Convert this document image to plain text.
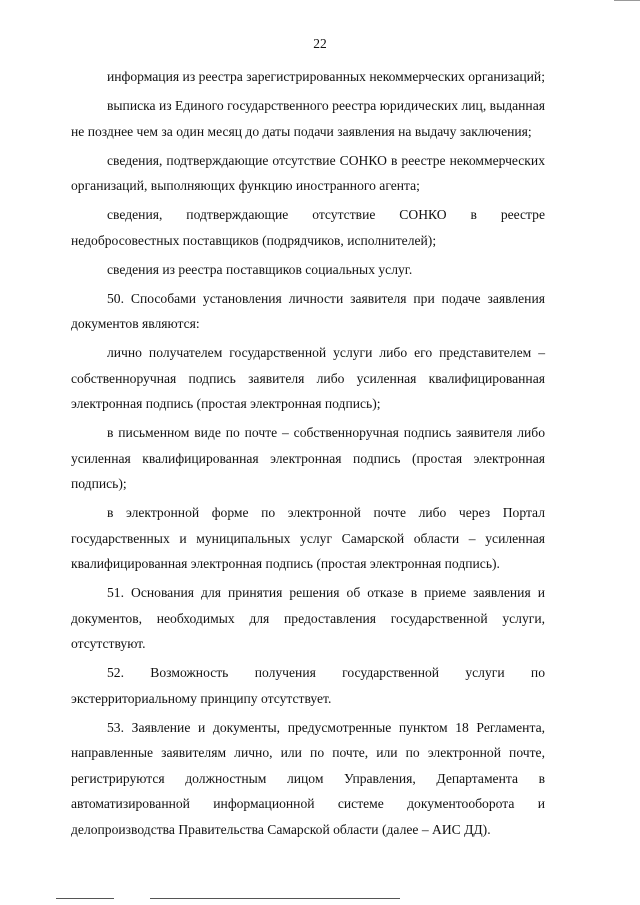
22

информация из реестра зарегистрированных некоммерческих организаций;

выписка из Единого государственного реестра юридических лиц, выданная не позднее чем за один месяц до даты подачи заявления на выдачу заключения;

сведения, подтверждающие отсутствие СОНКО в реестре некоммерческих организаций, выполняющих функцию иностранного агента;

сведения, подтверждающие отсутствие СОНКО в реестре недобросовестных поставщиков (подрядчиков, исполнителей);

сведения из реестра поставщиков социальных услуг.

50. Способами установления личности заявителя при подаче заявления документов являются:

лично получателем государственной услуги либо его представителем – собственноручная подпись заявителя либо усиленная квалифицированная электронная подпись (простая электронная подпись);

в письменном виде по почте – собственноручная подпись заявителя либо усиленная квалифицированная электронная подпись (простая электронная подпись);

в электронной форме по электронной почте либо через Портал государственных и муниципальных услуг Самарской области – усиленная квалифицированная электронная подпись (простая электронная подпись).

51. Основания для принятия решения об отказе в приеме заявления и документов, необходимых для предоставления государственной услуги, отсутствуют.

52. Возможность получения государственной услуги по экстерриториальному принципу отсутствует.

53. Заявление и документы, предусмотренные пунктом 18 Регламента, направленные заявителям лично, или по почте, или по электронной почте, регистрируются должностным лицом Управления, Департамента в автоматизированной информационной системе документооборота и делопроизводства Правительства Самарской области (далее – АИС ДД).
